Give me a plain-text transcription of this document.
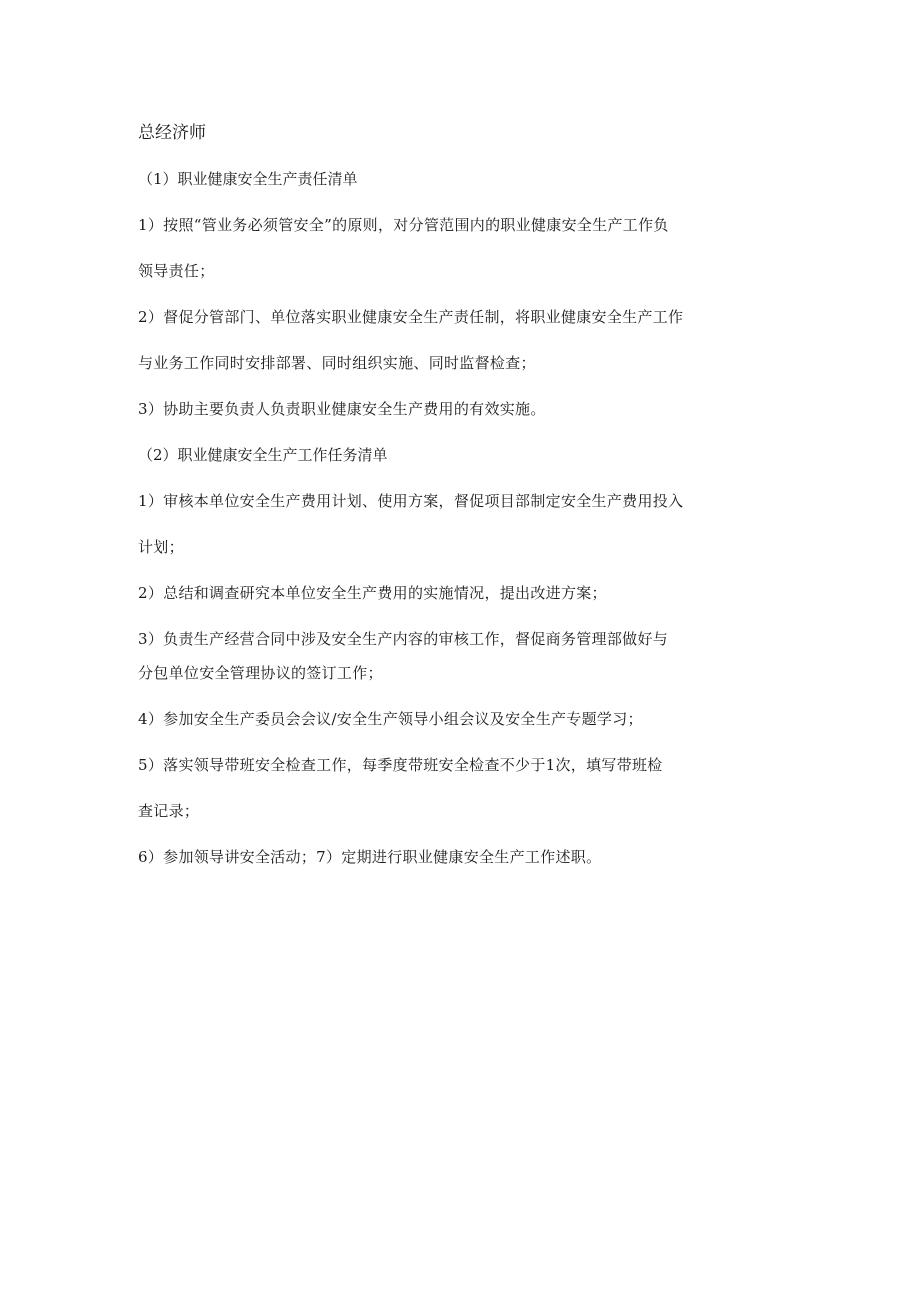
总经济师
（1）职业健康安全生产责任清单
1）按照“管业务必须管安全”的原则，对分管范围内的职业健康安全生产工作负
领导责任；
2）督促分管部门、单位落实职业健康安全生产责任制，将职业健康安全生产工作
与业务工作同时安排部署、同时组织实施、同时监督检查；
3）协助主要负责人负责职业健康安全生产费用的有效实施。
（2）职业健康安全生产工作任务清单
1）审核本单位安全生产费用计划、使用方案，督促项目部制定安全生产费用投入
计划；
2）总结和调查研究本单位安全生产费用的实施情况，提出改进方案；
3）负责生产经营合同中涉及安全生产内容的审核工作，督促商务管理部做好与
分包单位安全管理协议的签订工作；
4）参加安全生产委员会会议/安全生产领导小组会议及安全生产专题学习；
5）落实领导带班安全检查工作，每季度带班安全检查不少于1次，填写带班检
查记录；
6）参加领导讲安全活动；7）定期进行职业健康安全生产工作述职。
